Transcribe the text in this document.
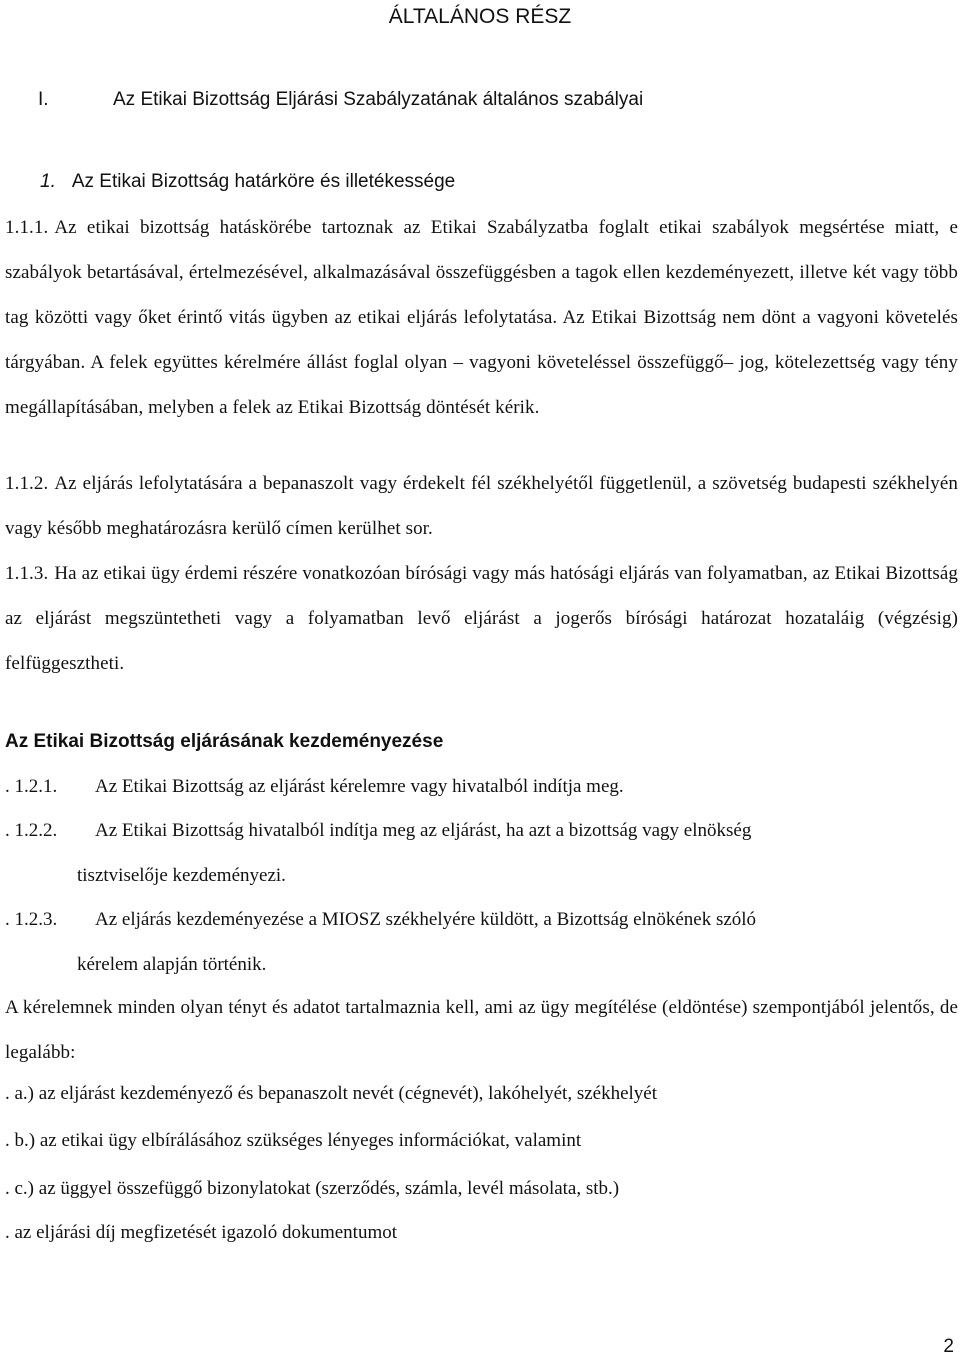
ÁLTALÁNOS RÉSZ
I.	Az Etikai Bizottság Eljárási Szabályzatának általános szabályai
1. Az Etikai Bizottság határköre és illetékessége
1.1.1. Az etikai bizottság hatáskörébe tartoznak az Etikai Szabályzatba foglalt etikai szabályok megsértése miatt, e szabályok betartásával, értelmezésével, alkalmazásával összefüggésben a tagok ellen kezdeményezett, illetve két vagy több tag közötti vagy őket érintő vitás ügyben az etikai eljárás lefolytatása. Az Etikai Bizottság nem dönt a vagyoni követelés tárgyában. A felek együttes kérelmére állást foglal olyan – vagyoni követeléssel összefüggő– jog, kötelezettség vagy tény megállapításában, melyben a felek az Etikai Bizottság döntését kérik.
1.1.2. Az eljárás lefolytatására a bepanaszolt vagy érdekelt fél székhelyétől függetlenül, a szövetség budapesti székhelyén vagy később meghatározásra kerülő címen kerülhet sor.
1.1.3. Ha az etikai ügy érdemi részére vonatkozóan bírósági vagy más hatósági eljárás van folyamatban, az Etikai Bizottság az eljárást megszüntetheti vagy a folyamatban levő eljárást a jogerős bírósági határozat hozataláig (végzésig) felfüggesztheti.
Az Etikai Bizottság eljárásának kezdeményezése
. 1.2.1. Az Etikai Bizottság az eljárást kérelemre vagy hivatalból indítja meg.
. 1.2.2. Az Etikai Bizottság hivatalból indítja meg az eljárást, ha azt a bizottság vagy elnökség
tisztviselője kezdeményezi.
. 1.2.3. Az eljárás kezdeményezése a MIOSZ székhelyére küldött, a Bizottság elnökének szóló
kérelem alapján történik.
A kérelemnek minden olyan tényt és adatot tartalmaznia kell, ami az ügy megítélése (eldöntése) szempontjából jelentős, de legalább:
. a.) az eljárást kezdeményező és bepanaszolt nevét (cégnevét), lakóhelyét, székhelyét
. b.) az etikai ügy elbírálásához szükséges lényeges információkat, valamint
. c.) az üggyel összefüggő bizonylatokat (szerződés, számla, levél másolata, stb.)
. az eljárási díj megfizetését igazoló dokumentumot
2
